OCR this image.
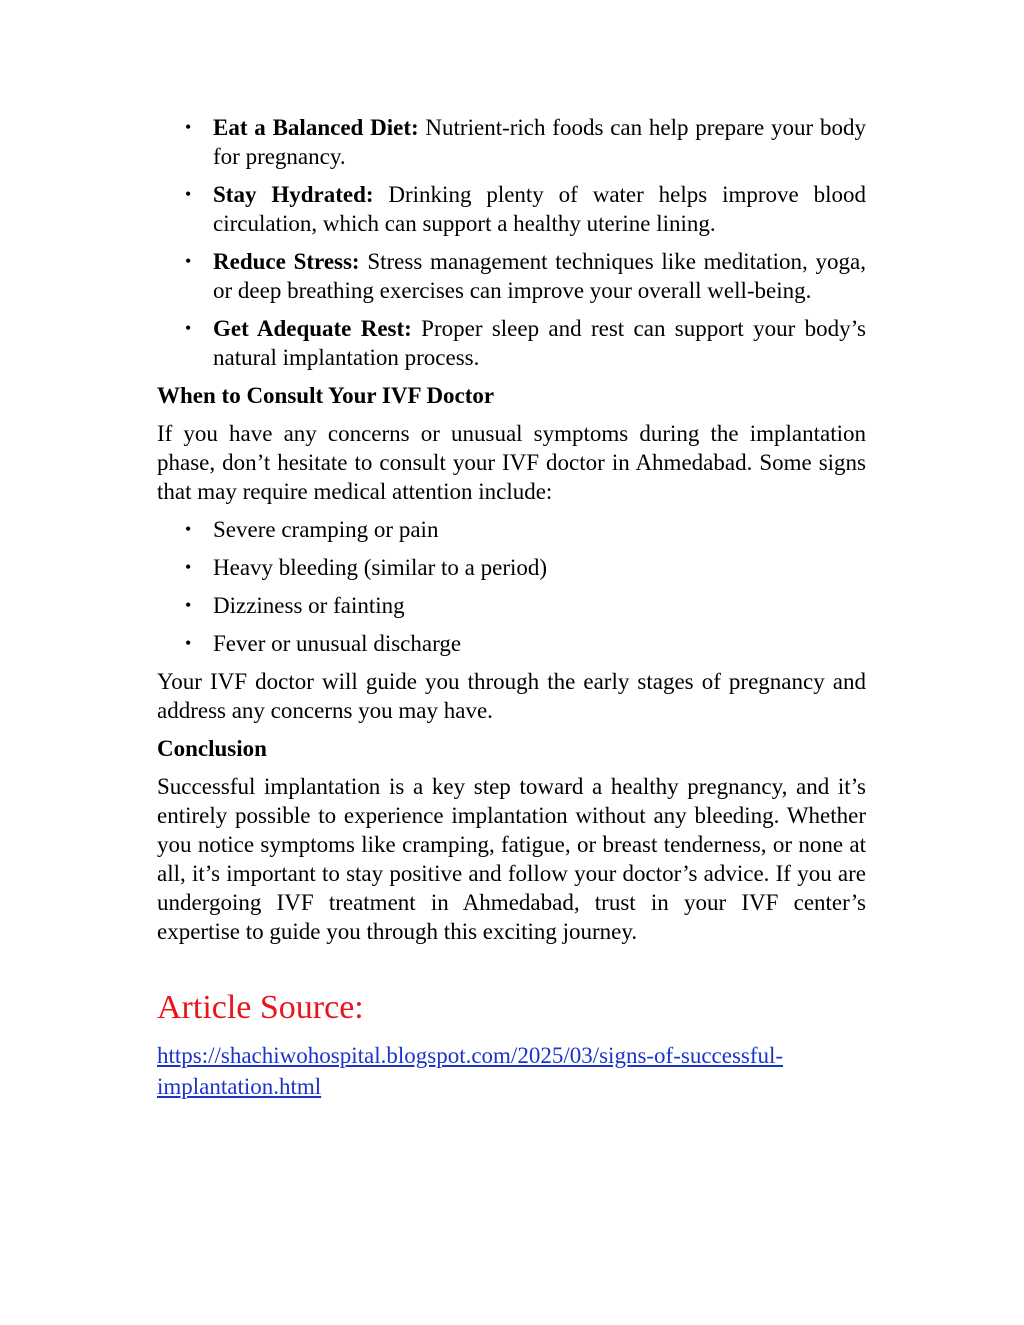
• Eat a Balanced Diet: Nutrient-rich foods can help prepare your body for pregnancy.
• Stay Hydrated: Drinking plenty of water helps improve blood circulation, which can support a healthy uterine lining.
• Reduce Stress: Stress management techniques like meditation, yoga, or deep breathing exercises can improve your overall well-being.
• Get Adequate Rest: Proper sleep and rest can support your body’s natural implantation process.
When to Consult Your IVF Doctor

If you have any concerns or unusual symptoms during the implantation phase, don’t hesitate to consult your IVF doctor in Ahmedabad. Some signs that may require medical attention include:

• Severe cramping or pain
• Heavy bleeding (similar to a period)
• Dizziness or fainting
• Fever or unusual discharge

Your IVF doctor will guide you through the early stages of pregnancy and address any concerns you may have.

Conclusion

Successful implantation is a key step toward a healthy pregnancy, and it’s entirely possible to experience implantation without any bleeding. Whether you notice symptoms like cramping, fatigue, or breast tenderness, or none at all, it’s important to stay positive and follow your doctor’s advice. If you are undergoing IVF treatment in Ahmedabad, trust in your IVF center’s expertise to guide you through this exciting journey.

Article Source:
https://shachiwohospital.blogspot.com/2025/03/signs-of-successful-
implantation.html
